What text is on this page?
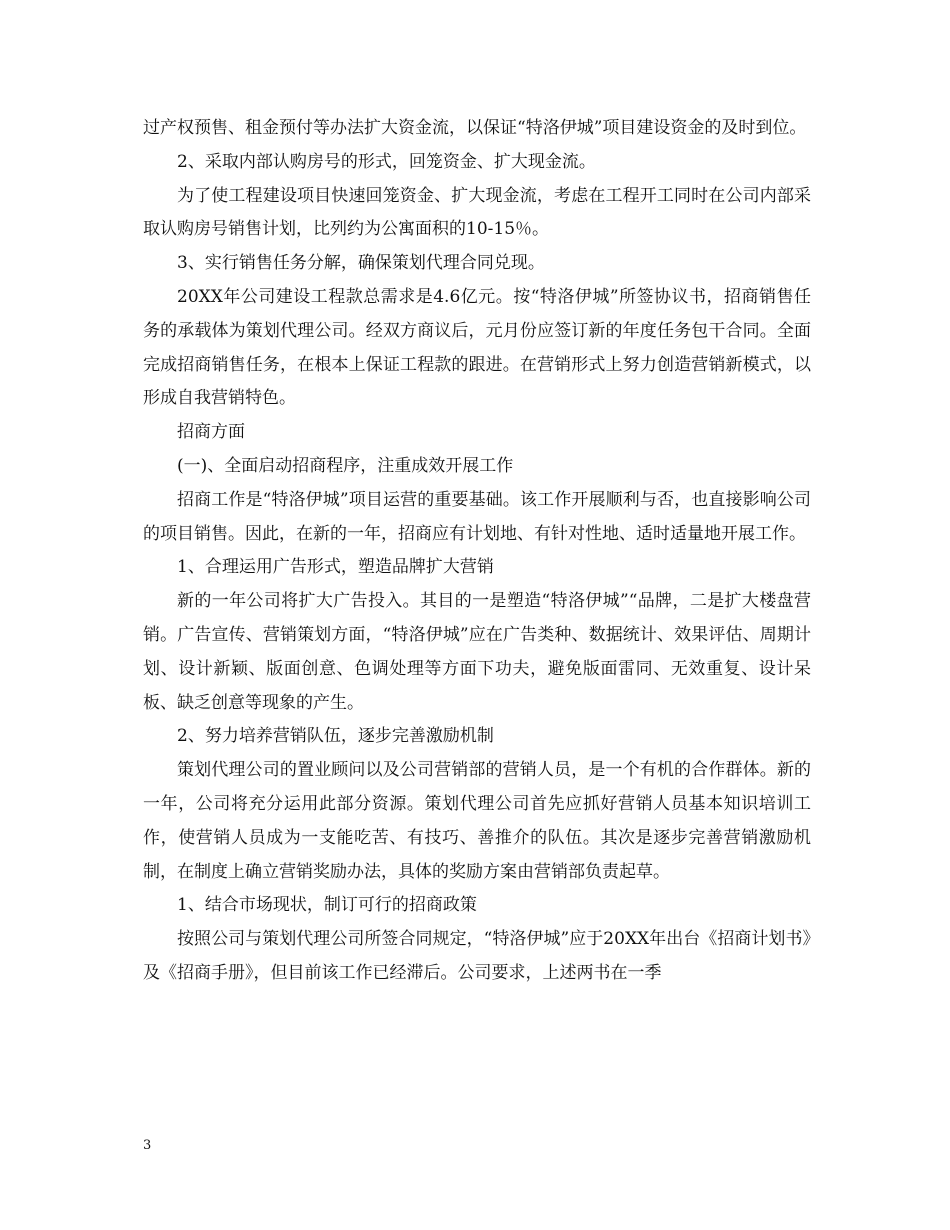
过产权预售、租金预付等办法扩大资金流，以保证“特洛伊城”项目建设资金的及时到位。

2、采取内部认购房号的形式，回笼资金、扩大现金流。

为了使工程建设项目快速回笼资金、扩大现金流，考虑在工程开工同时在公司内部采取认购房号销售计划，比列约为公寓面积的10-15％。

3、实行销售任务分解，确保策划代理合同兑现。

20XX年公司建设工程款总需求是4.6亿元。按“特洛伊城”所签协议书，招商销售任务的承载体为策划代理公司。经双方商议后，元月份应签订新的年度任务包干合同。全面完成招商销售任务，在根本上保证工程款的跟进。在营销形式上努力创造营销新模式，以形成自我营销特色。

招商方面

(一)、全面启动招商程序，注重成效开展工作

招商工作是“特洛伊城”项目运营的重要基础。该工作开展顺利与否，也直接影响公司的项目销售。因此，在新的一年，招商应有计划地、有针对性地、适时适量地开展工作。

1、合理运用广告形式，塑造品牌扩大营销

新的一年公司将扩大广告投入。其目的一是塑造“特洛伊城”“品牌，二是扩大楼盘营销。广告宣传、营销策划方面，“特洛伊城”应在广告类种、数据统计、效果评估、周期计划、设计新颖、版面创意、色调处理等方面下功夫，避免版面雷同、无效重复、设计呆板、缺乏创意等现象的产生。

2、努力培养营销队伍，逐步完善激励机制

策划代理公司的置业顾问以及公司营销部的营销人员，是一个有机的合作群体。新的一年，公司将充分运用此部分资源。策划代理公司首先应抓好营销人员基本知识培训工作，使营销人员成为一支能吃苦、有技巧、善推介的队伍。其次是逐步完善营销激励机制，在制度上确立营销奖励办法，具体的奖励方案由营销部负责起草。

1、结合市场现状，制订可行的招商政策

按照公司与策划代理公司所签合同规定，“特洛伊城”应于20XX年出台《招商计划书》及《招商手册》，但目前该工作已经滞后。公司要求，上述两书在一季

3
